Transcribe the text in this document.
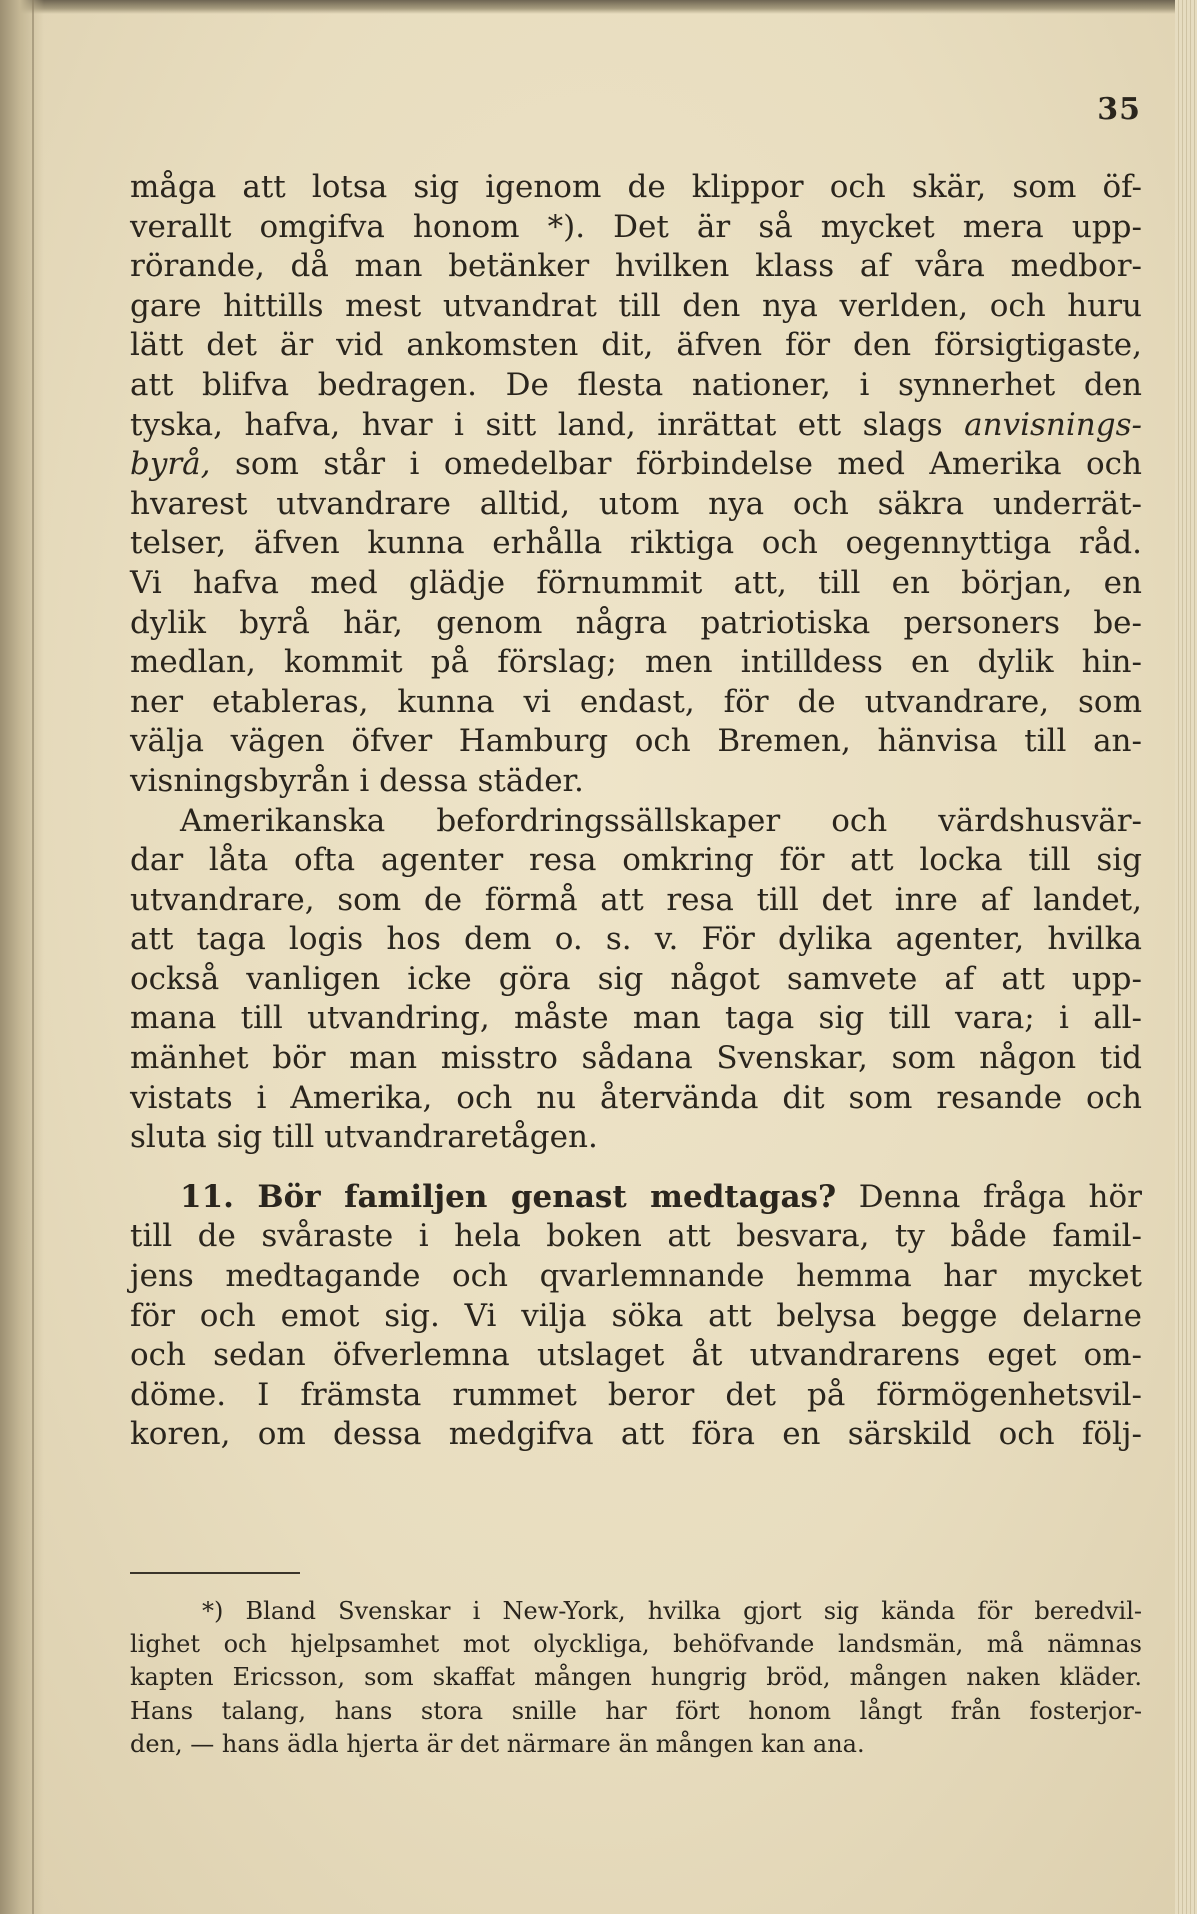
35
måga att lotsa sig igenom de klippor och skär, som öf-
verallt omgifva honom *). Det är så mycket mera upp-
rörande, då man betänker hvilken klass af våra medbor-
gare hittills mest utvandrat till den nya verlden, och huru
lätt det är vid ankomsten dit, äfven för den försigtigaste,
att blifva bedragen. De flesta nationer, i synnerhet den
tyska, hafva, hvar i sitt land, inrättat ett slags anvisnings-
byrå, som står i omedelbar förbindelse med Amerika och
hvarest utvandrare alltid, utom nya och säkra underrät-
telser, äfven kunna erhålla riktiga och oegennyttiga råd.
Vi hafva med glädje förnummit att, till en början, en
dylik byrå här, genom några patriotiska personers be-
medlan, kommit på förslag; men intilldess en dylik hin-
ner etableras, kunna vi endast, för de utvandrare, som
välja vägen öfver Hamburg och Bremen, hänvisa till an-
visningsbyrån i dessa städer.
Amerikanska befordringssällskaper och värdshusvär-
dar låta ofta agenter resa omkring för att locka till sig
utvandrare, som de förmå att resa till det inre af landet,
att taga logis hos dem o. s. v. För dylika agenter, hvilka
också vanligen icke göra sig något samvete af att upp-
mana till utvandring, måste man taga sig till vara; i all-
mänhet bör man misstro sådana Svenskar, som någon tid
vistats i Amerika, och nu återvända dit som resande och
sluta sig till utvandraretågen.
11. Bör familjen genast medtagas? Denna fråga hör
till de svåraste i hela boken att besvara, ty både famil-
jens medtagande och qvarlemnande hemma har mycket
för och emot sig. Vi vilja söka att belysa begge delarne
och sedan öfverlemna utslaget åt utvandrarens eget om-
döme. I främsta rummet beror det på förmögenhetsvil-
koren, om dessa medgifva att föra en särskild och följ-
*) Bland Svenskar i New-York, hvilka gjort sig kända för beredvil-
lighet och hjelpsamhet mot olyckliga, behöfvande landsmän, må nämnas
kapten Ericsson, som skaffat mången hungrig bröd, mången naken kläder.
Hans talang, hans stora snille har fört honom långt från fosterjor-
den, — hans ädla hjerta är det närmare än mången kan ana.
